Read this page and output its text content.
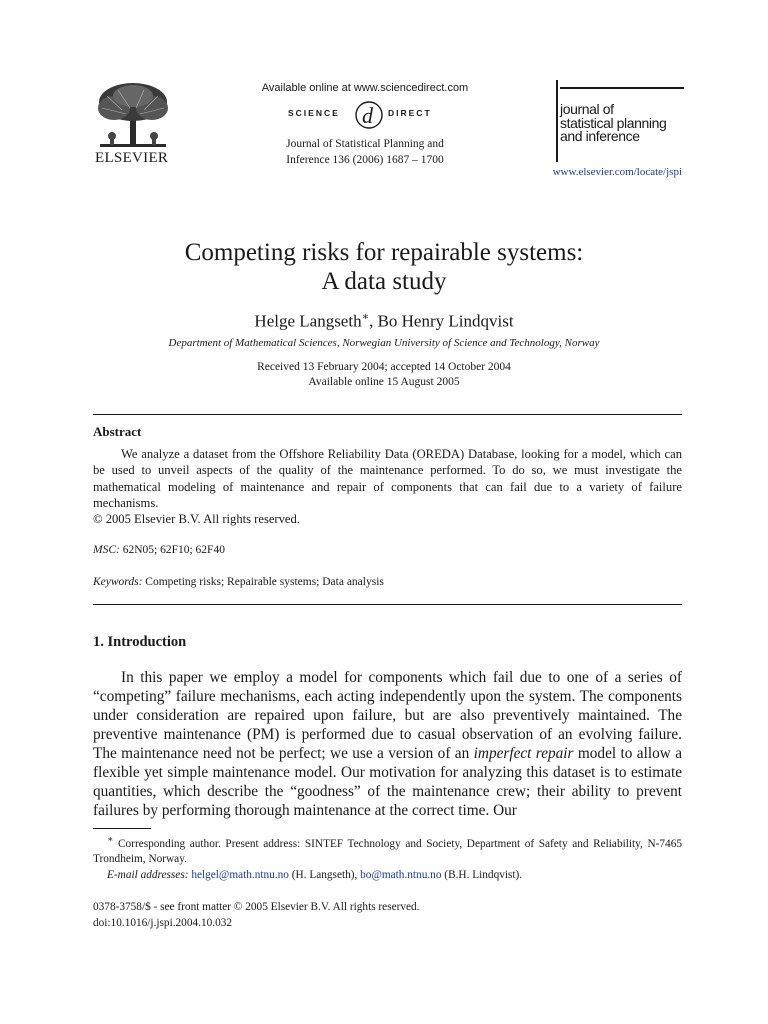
ELSEVIER
Available online at www.sciencedirect.com
SCIENCE d DIRECT
Journal of Statistical Planning and
Inference 136 (2006) 1687 – 1700
journal of
statistical planning
and inference
www.elsevier.com/locate/jspi
Competing risks for repairable systems:
A data study
Helge Langseth∗, Bo Henry Lindqvist
Department of Mathematical Sciences, Norwegian University of Science and Technology, Norway
Received 13 February 2004; accepted 14 October 2004
Available online 15 August 2005
Abstract

We analyze a dataset from the Offshore Reliability Data (OREDA) Database, looking for a model, which can be used to unveil aspects of the quality of the maintenance performed. To do so, we must investigate the mathematical modeling of maintenance and repair of components that can fail due to a variety of failure mechanisms.

© 2005 Elsevier B.V. All rights reserved.

MSC: 62N05; 62F10; 62F40
Keywords: Competing risks; Repairable systems; Data analysis
1. Introduction

In this paper we employ a model for components which fail due to one of a series of “competing” failure mechanisms, each acting independently upon the system. The components under consideration are repaired upon failure, but are also preventively maintained. The preventive maintenance (PM) is performed due to casual observation of an evolving failure. The maintenance need not be perfect; we use a version of an imperfect repair model to allow a flexible yet simple maintenance model. Our motivation for analyzing this dataset is to estimate quantities, which describe the “goodness” of the maintenance crew; their ability to prevent failures by performing thorough maintenance at the correct time. Our

∗ Corresponding author. Present address: SINTEF Technology and Society, Department of Safety and Reliability, N-7465 Trondheim, Norway.

E-mail addresses: helgel@math.ntnu.no (H. Langseth), bo@math.ntnu.no (B.H. Lindqvist).

0378-3758/$ - see front matter © 2005 Elsevier B.V. All rights reserved.
doi:10.1016/j.jspi.2004.10.032
